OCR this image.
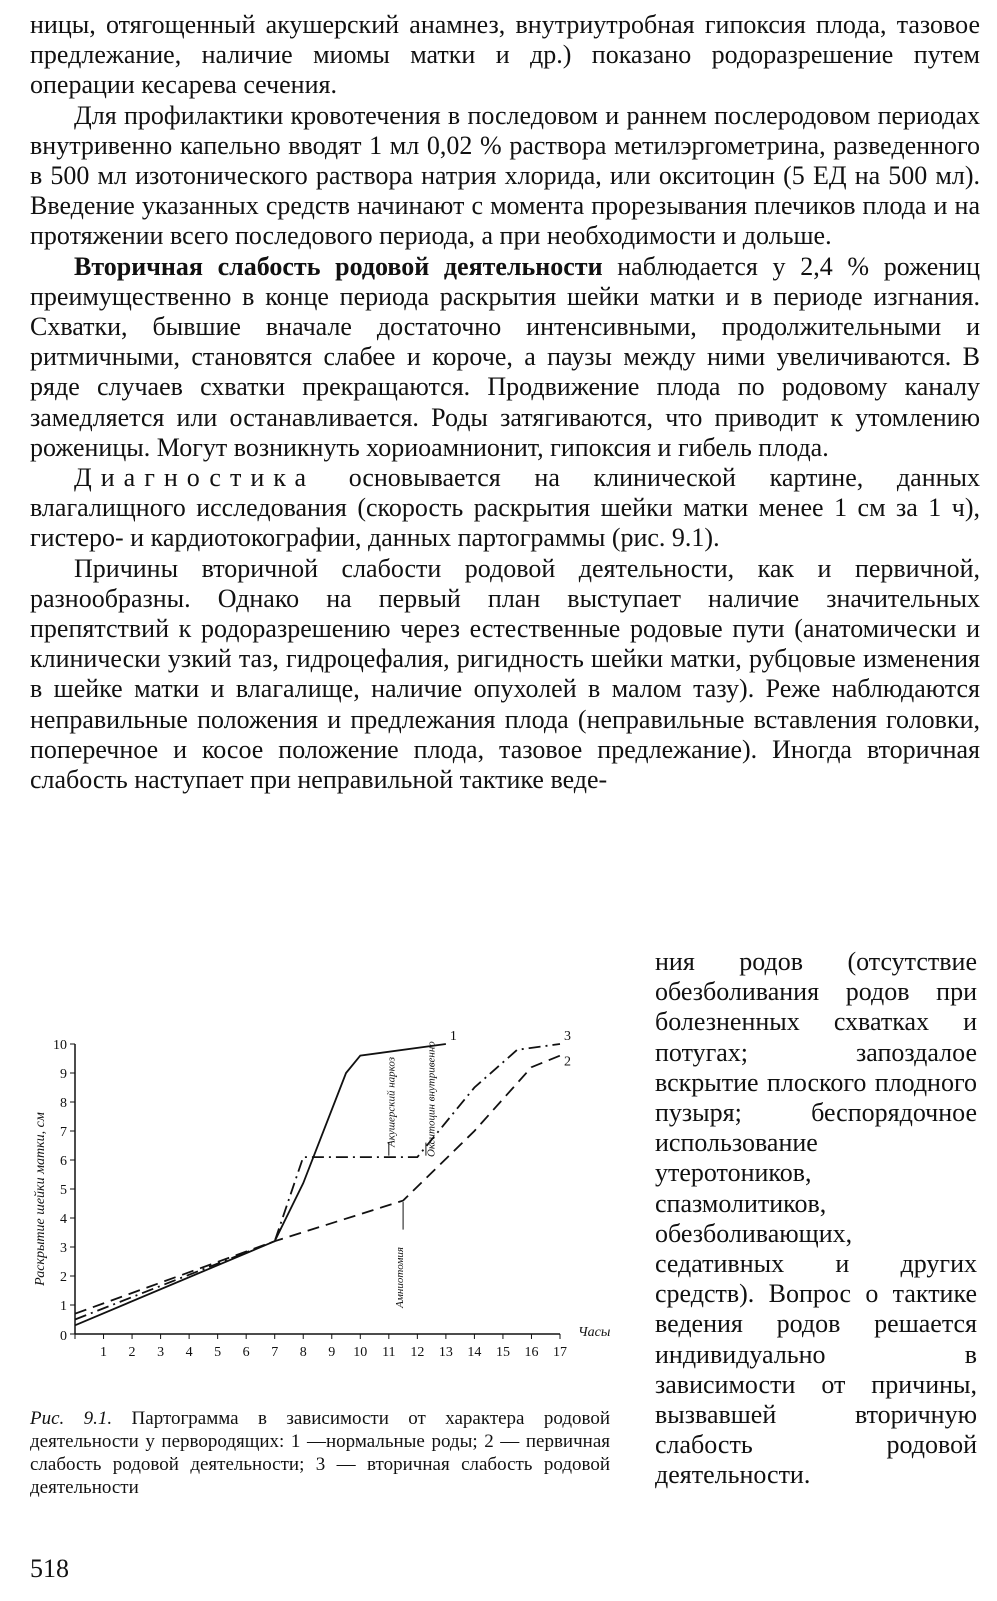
ницы, отягощенный акушерский анамнез, внутриутробная гипоксия плода, тазовое предлежание, наличие миомы матки и др.) показано родоразрешение путем операции кесарева сечения.

Для профилактики кровотечения в последовом и раннем послеродовом периодах внутривенно капельно вводят 1 мл 0,02 % раствора метилэргометрина, разведенного в 500 мл изотонического раствора натрия хлорида, или окситоцин (5 ЕД на 500 мл). Введение указанных средств начинают с момента прорезывания плечиков плода и на протяжении всего последового периода, а при необходимости и дольше.

Вторичная слабость родовой деятельности наблюдается у 2,4 % рожениц преимущественно в конце периода раскрытия шейки матки и в периоде изгнания. Схватки, бывшие вначале достаточно интенсивными, продолжительными и ритмичными, становятся слабее и короче, а паузы между ними увеличиваются. В ряде случаев схватки прекращаются. Продвижение плода по родовому каналу замедляется или останавливается. Роды затягиваются, что приводит к утомлению роженицы. Могут возникнуть хориоамнионит, гипоксия и гибель плода.

Диагностика основывается на клинической картине, данных влагалищного исследования (скорость раскрытия шейки матки менее 1 см за 1 ч), гистеро- и кардиотокографии, данных партограммы (рис. 9.1).

Причины вторичной слабости родовой деятельности, как и первичной, разнообразны. Однако на первый план выступает наличие значительных препятствий к родоразрешению через естественные родовые пути (анатомически и клинически узкий таз, гидроцефалия, ригидность шейки матки, рубцовые изменения в шейке матки и влагалище, наличие опухолей в малом тазу). Реже наблюдаются неправильные положения и предлежания плода (неправильные вставления головки, поперечное и косое положение плода, тазовое предлежание). Иногда вторичная слабость наступает при неправильной тактике веде-

1 2 3 4 5 6 7 8 9 10 11 12 13 14 15 16 17
0
1
2
3
4
5
6
7
8
9
10
Часы
Раскрытие шейки матки, см
1
2
3
Акушерский наркоз	Окситоцин внутривенно
Амниотомия
Рис. 9.1. Партограмма в зависимости от характера родовой деятельности у первородящих: 1 —нормальные роды; 2 — первичная слабость родовой деятельности; 3 — вторичная слабость родовой деятельности

ния родов (отсутствие обезболивания родов при болезненных схватках и потугах; запоздалое вскрытие плоского плодного пузыря; беспорядочное использование утеротоников, спазмолитиков, обезболивающих, седативных и других средств). Вопрос о тактике ведения родов решается индивидуально в зависимости от причины, вызвавшей вторичную слабость родовой деятельности.

518
